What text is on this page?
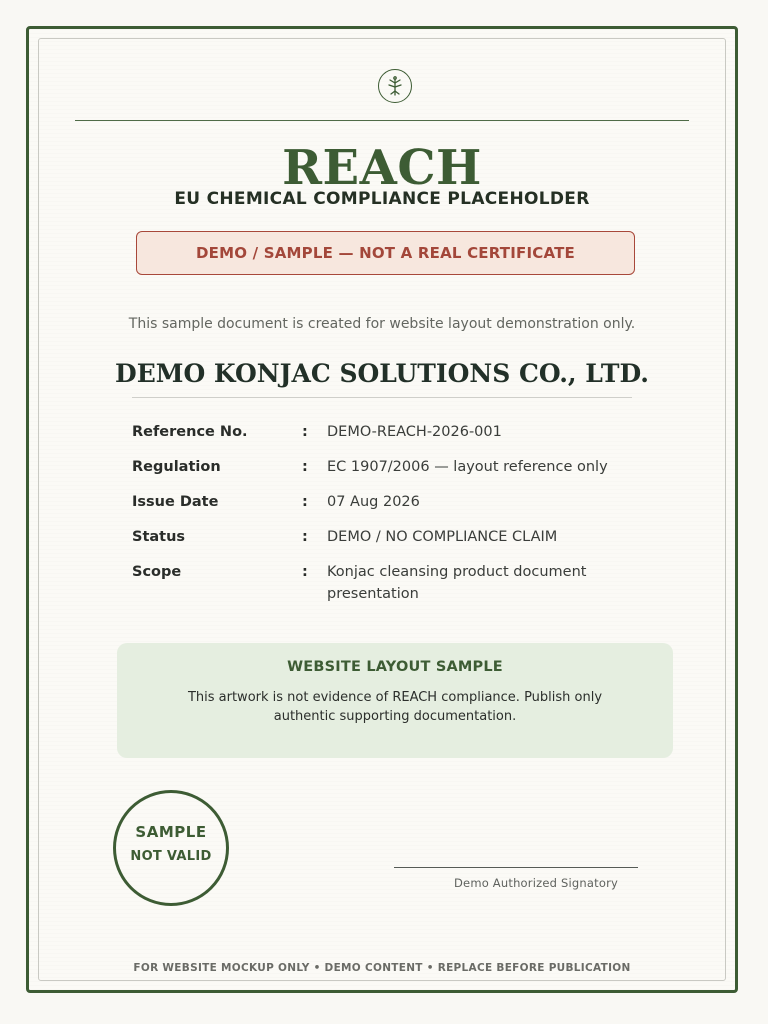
REACH
EU CHEMICAL COMPLIANCE PLACEHOLDER
DEMO / SAMPLE — NOT A REAL CERTIFICATE
This sample document is created for website layout demonstration only.
DEMO KONJAC SOLUTIONS CO., LTD.
Reference No.	: DEMO-REACH-2026-001
Regulation	: EC 1907/2006 — layout reference only
Issue Date	: 07 Aug 2026
Status	: DEMO / NO COMPLIANCE CLAIM
Scope	: Konjac cleansing product document presentation
WEBSITE LAYOUT SAMPLE
This artwork is not evidence of REACH compliance. Publish only authentic supporting documentation.
SAMPLE
NOT VALID
Demo Authorized Signatory
FOR WEBSITE MOCKUP ONLY • DEMO CONTENT • REPLACE BEFORE PUBLICATION
